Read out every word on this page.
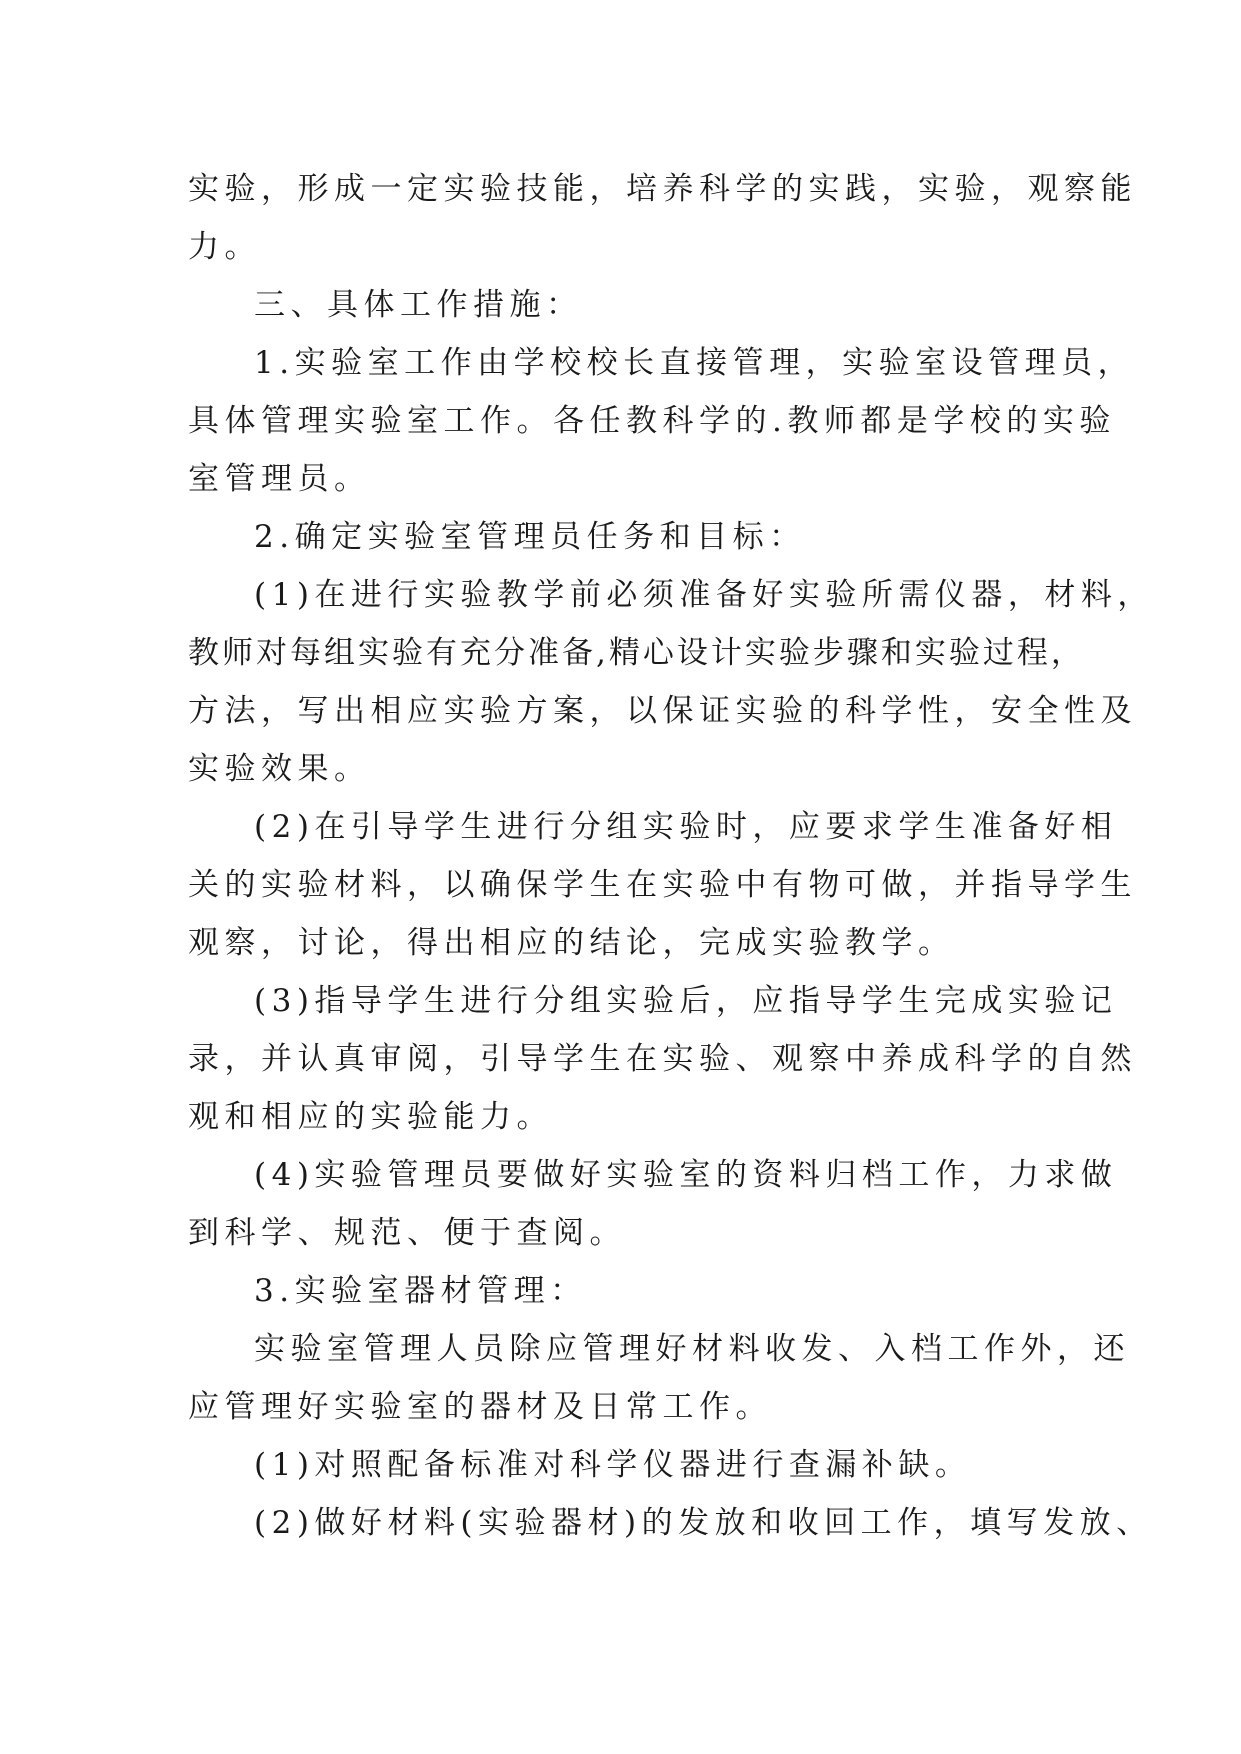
实验，形成一定实验技能，培养科学的实践，实验，观察能
力。
三、具体工作措施：
1.实验室工作由学校校长直接管理，实验室设管理员，
具体管理实验室工作。各任教科学的.教师都是学校的实验
室管理员。
2.确定实验室管理员任务和目标：
(1)在进行实验教学前必须准备好实验所需仪器，材料，
教师对每组实验有充分准备,精心设计实验步骤和实验过程，
方法，写出相应实验方案，以保证实验的科学性，安全性及
实验效果。
(2)在引导学生进行分组实验时，应要求学生准备好相
关的实验材料，以确保学生在实验中有物可做，并指导学生
观察，讨论，得出相应的结论，完成实验教学。
(3)指导学生进行分组实验后，应指导学生完成实验记
录，并认真审阅，引导学生在实验、观察中养成科学的自然
观和相应的实验能力。
(4)实验管理员要做好实验室的资料归档工作，力求做
到科学、规范、便于查阅。
3.实验室器材管理：
实验室管理人员除应管理好材料收发、入档工作外，还
应管理好实验室的器材及日常工作。
(1)对照配备标准对科学仪器进行查漏补缺。
(2)做好材料(实验器材)的发放和收回工作，填写发放、
